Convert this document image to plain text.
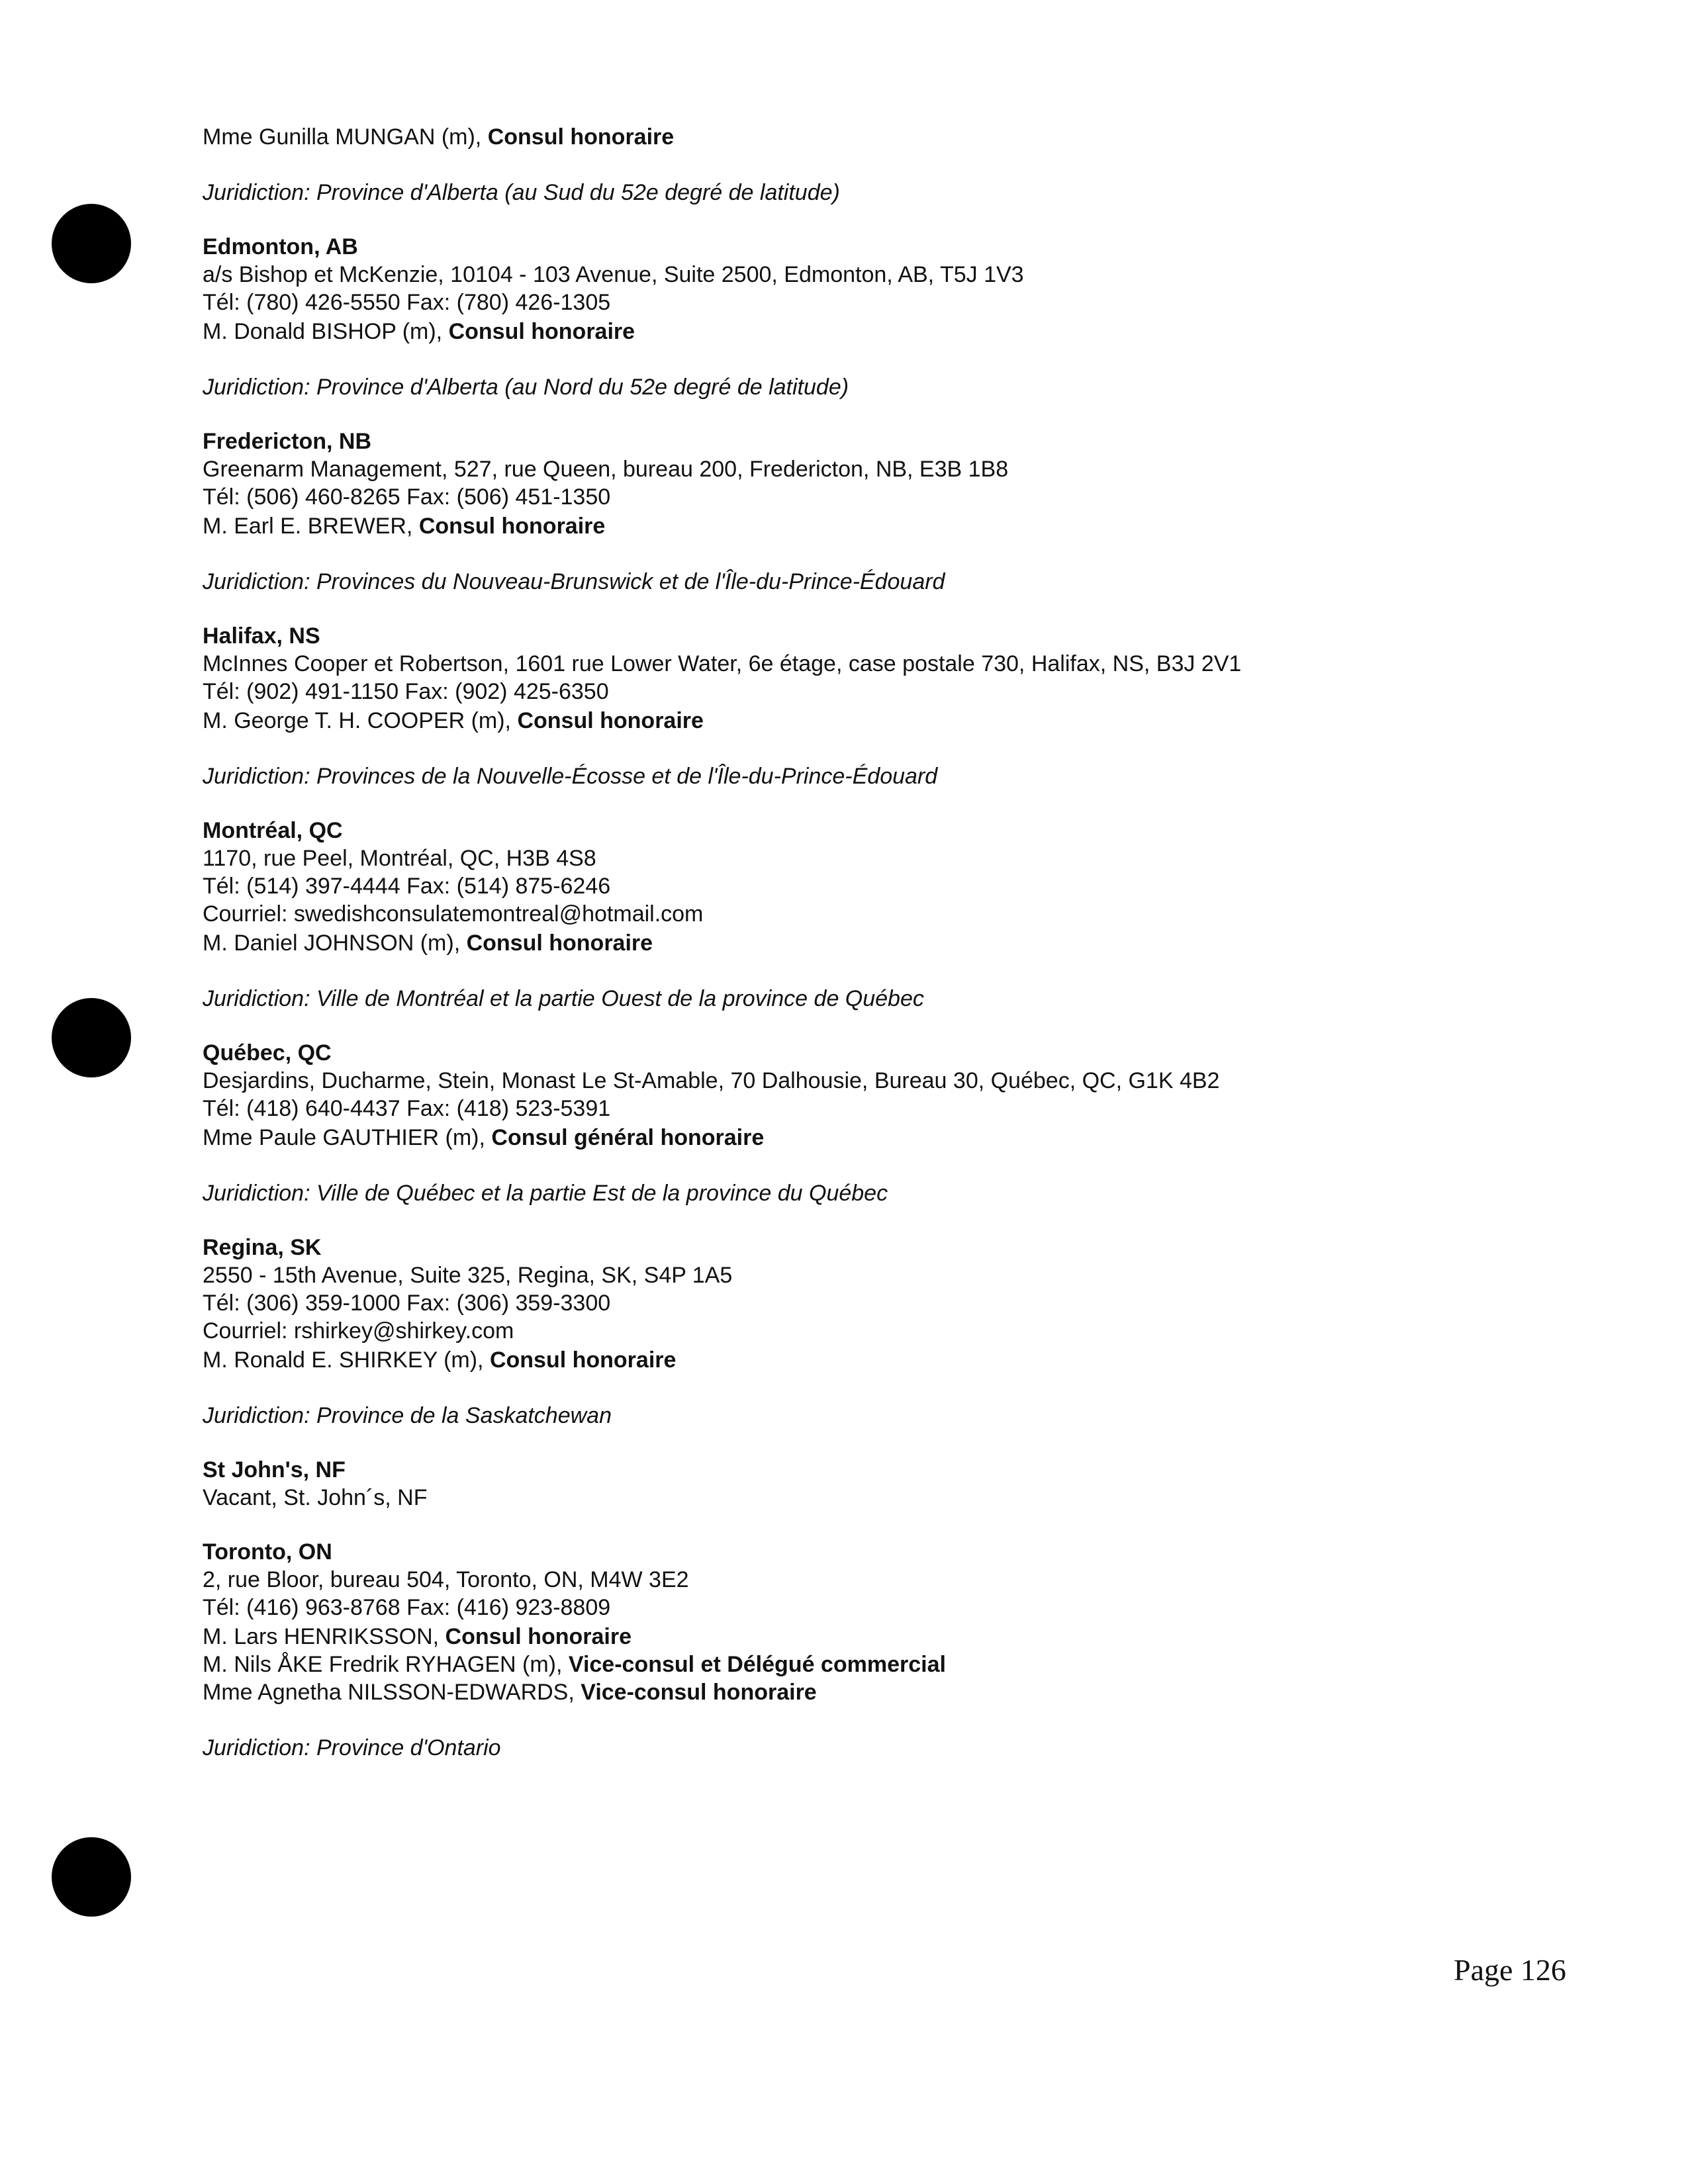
Mme Gunilla MUNGAN (m), Consul honoraire
Juridiction: Province d'Alberta (au Sud du 52e degré de latitude)
Edmonton, AB
a/s Bishop et McKenzie, 10104 - 103 Avenue, Suite 2500, Edmonton, AB, T5J 1V3
Tél: (780) 426-5550 Fax: (780) 426-1305
M. Donald BISHOP (m), Consul honoraire
Juridiction: Province d'Alberta (au Nord du 52e degré de latitude)
Fredericton, NB
Greenarm Management, 527, rue Queen, bureau 200, Fredericton, NB, E3B 1B8
Tél: (506) 460-8265 Fax: (506) 451-1350
M. Earl E. BREWER, Consul honoraire
Juridiction: Provinces du Nouveau-Brunswick et de l'Île-du-Prince-Édouard
Halifax, NS
McInnes Cooper et Robertson, 1601 rue Lower Water, 6e étage, case postale 730, Halifax, NS, B3J 2V1
Tél: (902) 491-1150 Fax: (902) 425-6350
M. George T. H. COOPER (m), Consul honoraire
Juridiction: Provinces de la Nouvelle-Écosse et de l'Île-du-Prince-Édouard
Montréal, QC
1170, rue Peel, Montréal, QC, H3B 4S8
Tél: (514) 397-4444 Fax: (514) 875-6246
Courriel: swedishconsulatemontreal@hotmail.com
M. Daniel JOHNSON (m), Consul honoraire
Juridiction: Ville de Montréal et la partie Ouest de la province de Québec
Québec, QC
Desjardins, Ducharme, Stein, Monast Le St-Amable, 70 Dalhousie, Bureau 30, Québec, QC, G1K 4B2
Tél: (418) 640-4437 Fax: (418) 523-5391
Mme Paule GAUTHIER (m), Consul général honoraire
Juridiction: Ville de Québec et la partie Est de la province du Québec
Regina, SK
2550 - 15th Avenue, Suite 325, Regina, SK, S4P 1A5
Tél: (306) 359-1000 Fax: (306) 359-3300
Courriel: rshirkey@shirkey.com
M. Ronald E. SHIRKEY (m), Consul honoraire
Juridiction: Province de la Saskatchewan
St John's, NF
Vacant, St. John´s, NF
Toronto, ON
2, rue Bloor, bureau 504, Toronto, ON, M4W 3E2
Tél: (416) 963-8768 Fax: (416) 923-8809
M. Lars HENRIKSSON, Consul honoraire
M. Nils ÅKE Fredrik RYHAGEN (m), Vice-consul et Délégué commercial
Mme Agnetha NILSSON-EDWARDS, Vice-consul honoraire
Juridiction: Province d'Ontario
Page 126
